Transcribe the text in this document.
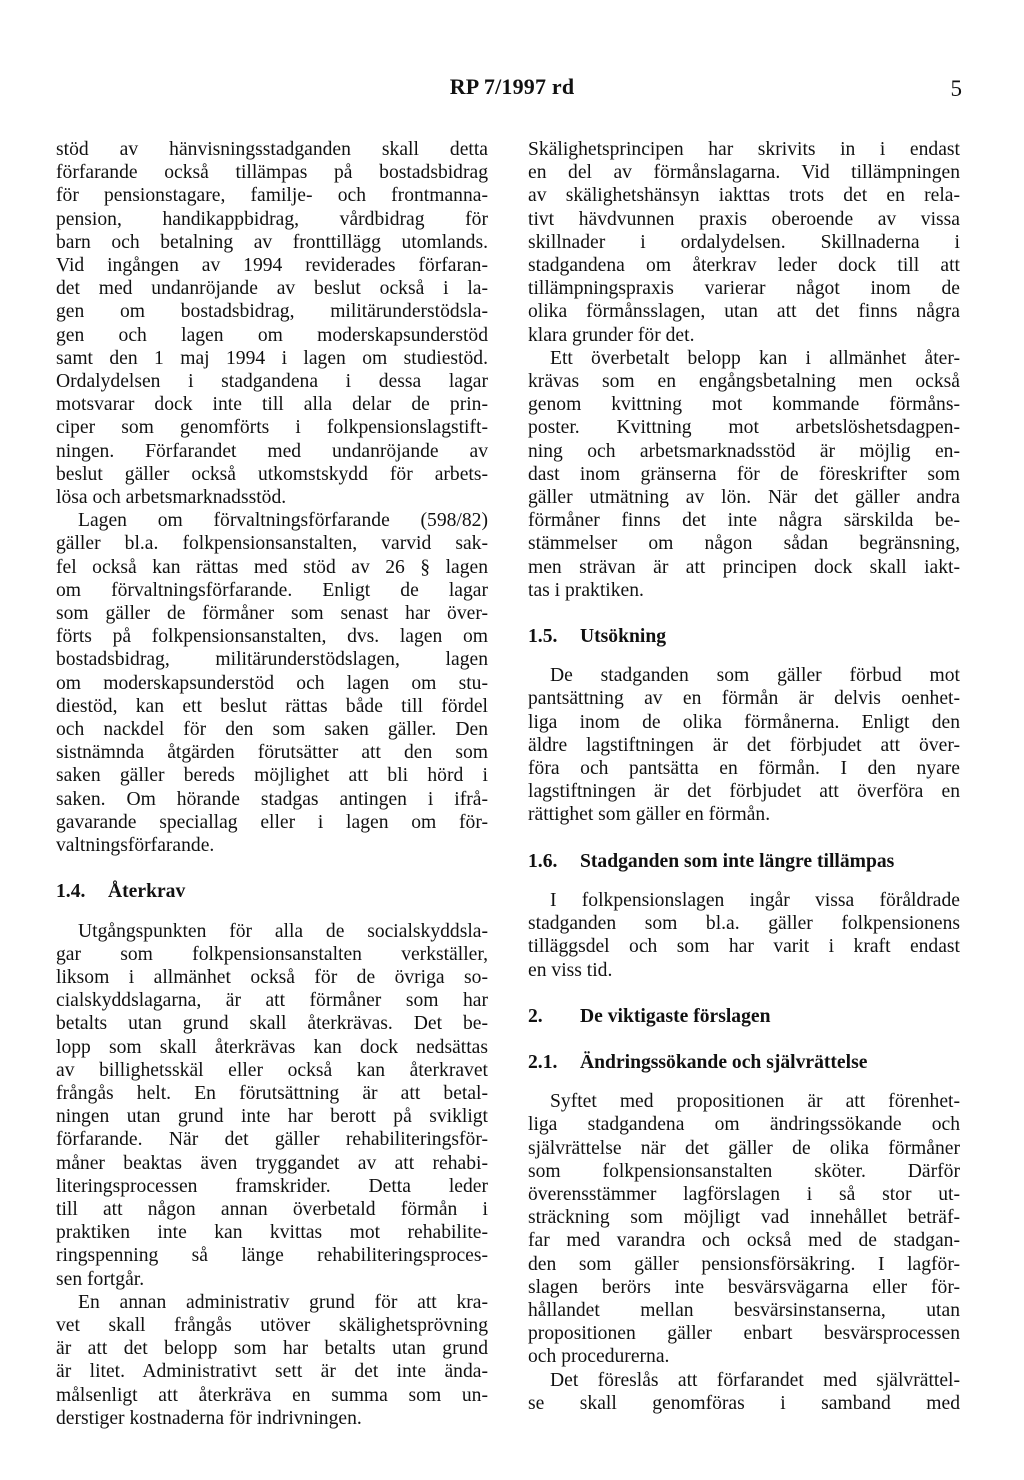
RP 7/1997 rd	5
stöd av hänvisningsstadganden skall detta
förfarande också tillämpas på bostadsbidrag
för pensionstagare, familje- och frontmanna-
pension, handikappbidrag, vårdbidrag för
barn och betalning av fronttillägg utomlands.
Vid ingången av 1994 reviderades förfaran-
det med undanröjande av beslut också i la-
gen om bostadsbidrag, militärunderstödsla-
gen och lagen om moderskapsunderstöd
samt den 1 maj 1994 i lagen om studiestöd.
Ordalydelsen i stadgandena i dessa lagar
motsvarar dock inte till alla delar de prin-
ciper som genomförts i folkpensionslagstift-
ningen. Förfarandet med undanröjande av
beslut gäller också utkomstskydd för arbets-
lösa och arbetsmarknadsstöd.
Lagen om förvaltningsförfarande (598/82)
gäller bl.a. folkpensionsanstalten, varvid sak-
fel också kan rättas med stöd av 26 § lagen
om förvaltningsförfarande. Enligt de lagar
som gäller de förmåner som senast har över-
förts på folkpensionsanstalten, dvs. lagen om
bostadsbidrag, militärunderstödslagen, lagen
om moderskapsunderstöd och lagen om stu-
diestöd, kan ett beslut rättas både till fördel
och nackdel för den som saken gäller. Den
sistnämnda åtgärden förutsätter att den som
saken gäller bereds möjlighet att bli hörd i
saken. Om hörande stadgas antingen i ifrå-
gavarande speciallag eller i lagen om för-
valtningsförfarande.
1.4. Återkrav
Utgångspunkten för alla de socialskyddsla-
gar som folkpensionsanstalten verkställer,
liksom i allmänhet också för de övriga so-
cialskyddslagarna, är att förmåner som har
betalts utan grund skall återkrävas. Det be-
lopp som skall återkrävas kan dock nedsättas
av billighetsskäl eller också kan återkravet
frångås helt. En förutsättning är att betal-
ningen utan grund inte har berott på svikligt
förfarande. När det gäller rehabiliteringsför-
måner beaktas även tryggandet av att rehabi-
literingsprocessen framskrider. Detta leder
till att någon annan överbetald förmån i
praktiken inte kan kvittas mot rehabilite-
ringspenning så länge rehabiliteringsproces-
sen fortgår.
En annan administrativ grund för att kra-
vet skall frångås utöver skälighetsprövning
är att det belopp som har betalts utan grund
är litet. Administrativt sett är det inte ända-
målsenligt att återkräva en summa som un-
derstiger kostnaderna för indrivningen.
Skälighetsprincipen har skrivits in i endast
en del av förmånslagarna. Vid tillämpningen
av skälighetshänsyn iakttas trots det en rela-
tivt hävdvunnen praxis oberoende av vissa
skillnader i ordalydelsen. Skillnaderna i
stadgandena om återkrav leder dock till att
tillämpningspraxis varierar något inom de
olika förmånsslagen, utan att det finns några
klara grunder för det.
Ett överbetalt belopp kan i allmänhet åter-
krävas som en engångsbetalning men också
genom kvittning mot kommande förmåns-
poster. Kvittning mot arbetslöshetsdagpen-
ning och arbetsmarknadsstöd är möjlig en-
dast inom gränserna för de föreskrifter som
gäller utmätning av lön. När det gäller andra
förmåner finns det inte några särskilda be-
stämmelser om någon sådan begränsning,
men strävan är att principen dock skall iakt-
tas i praktiken.
1.5. Utsökning
De stadganden som gäller förbud mot
pantsättning av en förmån är delvis oenhet-
liga inom de olika förmånerna. Enligt den
äldre lagstiftningen är det förbjudet att över-
föra och pantsätta en förmån. I den nyare
lagstiftningen är det förbjudet att överföra en
rättighet som gäller en förmån.
1.6. Stadganden som inte längre tillämpas
I folkpensionslagen ingår vissa föråldrade
stadganden som bl.a. gäller folkpensionens
tilläggsdel och som har varit i kraft endast
en viss tid.
2. De viktigaste förslagen
2.1. Ändringssökande och självrättelse
Syftet med propositionen är att förenhet-
liga stadgandena om ändringssökande och
självrättelse när det gäller de olika förmåner
som folkpensionsanstalten sköter. Därför
överensstämmer lagförslagen i så stor ut-
sträckning som möjligt vad innehållet beträf-
far med varandra och också med de stadgan-
den som gäller pensionsförsäkring. I lagför-
slagen berörs inte besvärsvägarna eller för-
hållandet mellan besvärsinstanserna, utan
propositionen gäller enbart besvärsprocessen
och procedurerna.
Det föreslås att förfarandet med självrättel-
se skall genomföras i samband med
